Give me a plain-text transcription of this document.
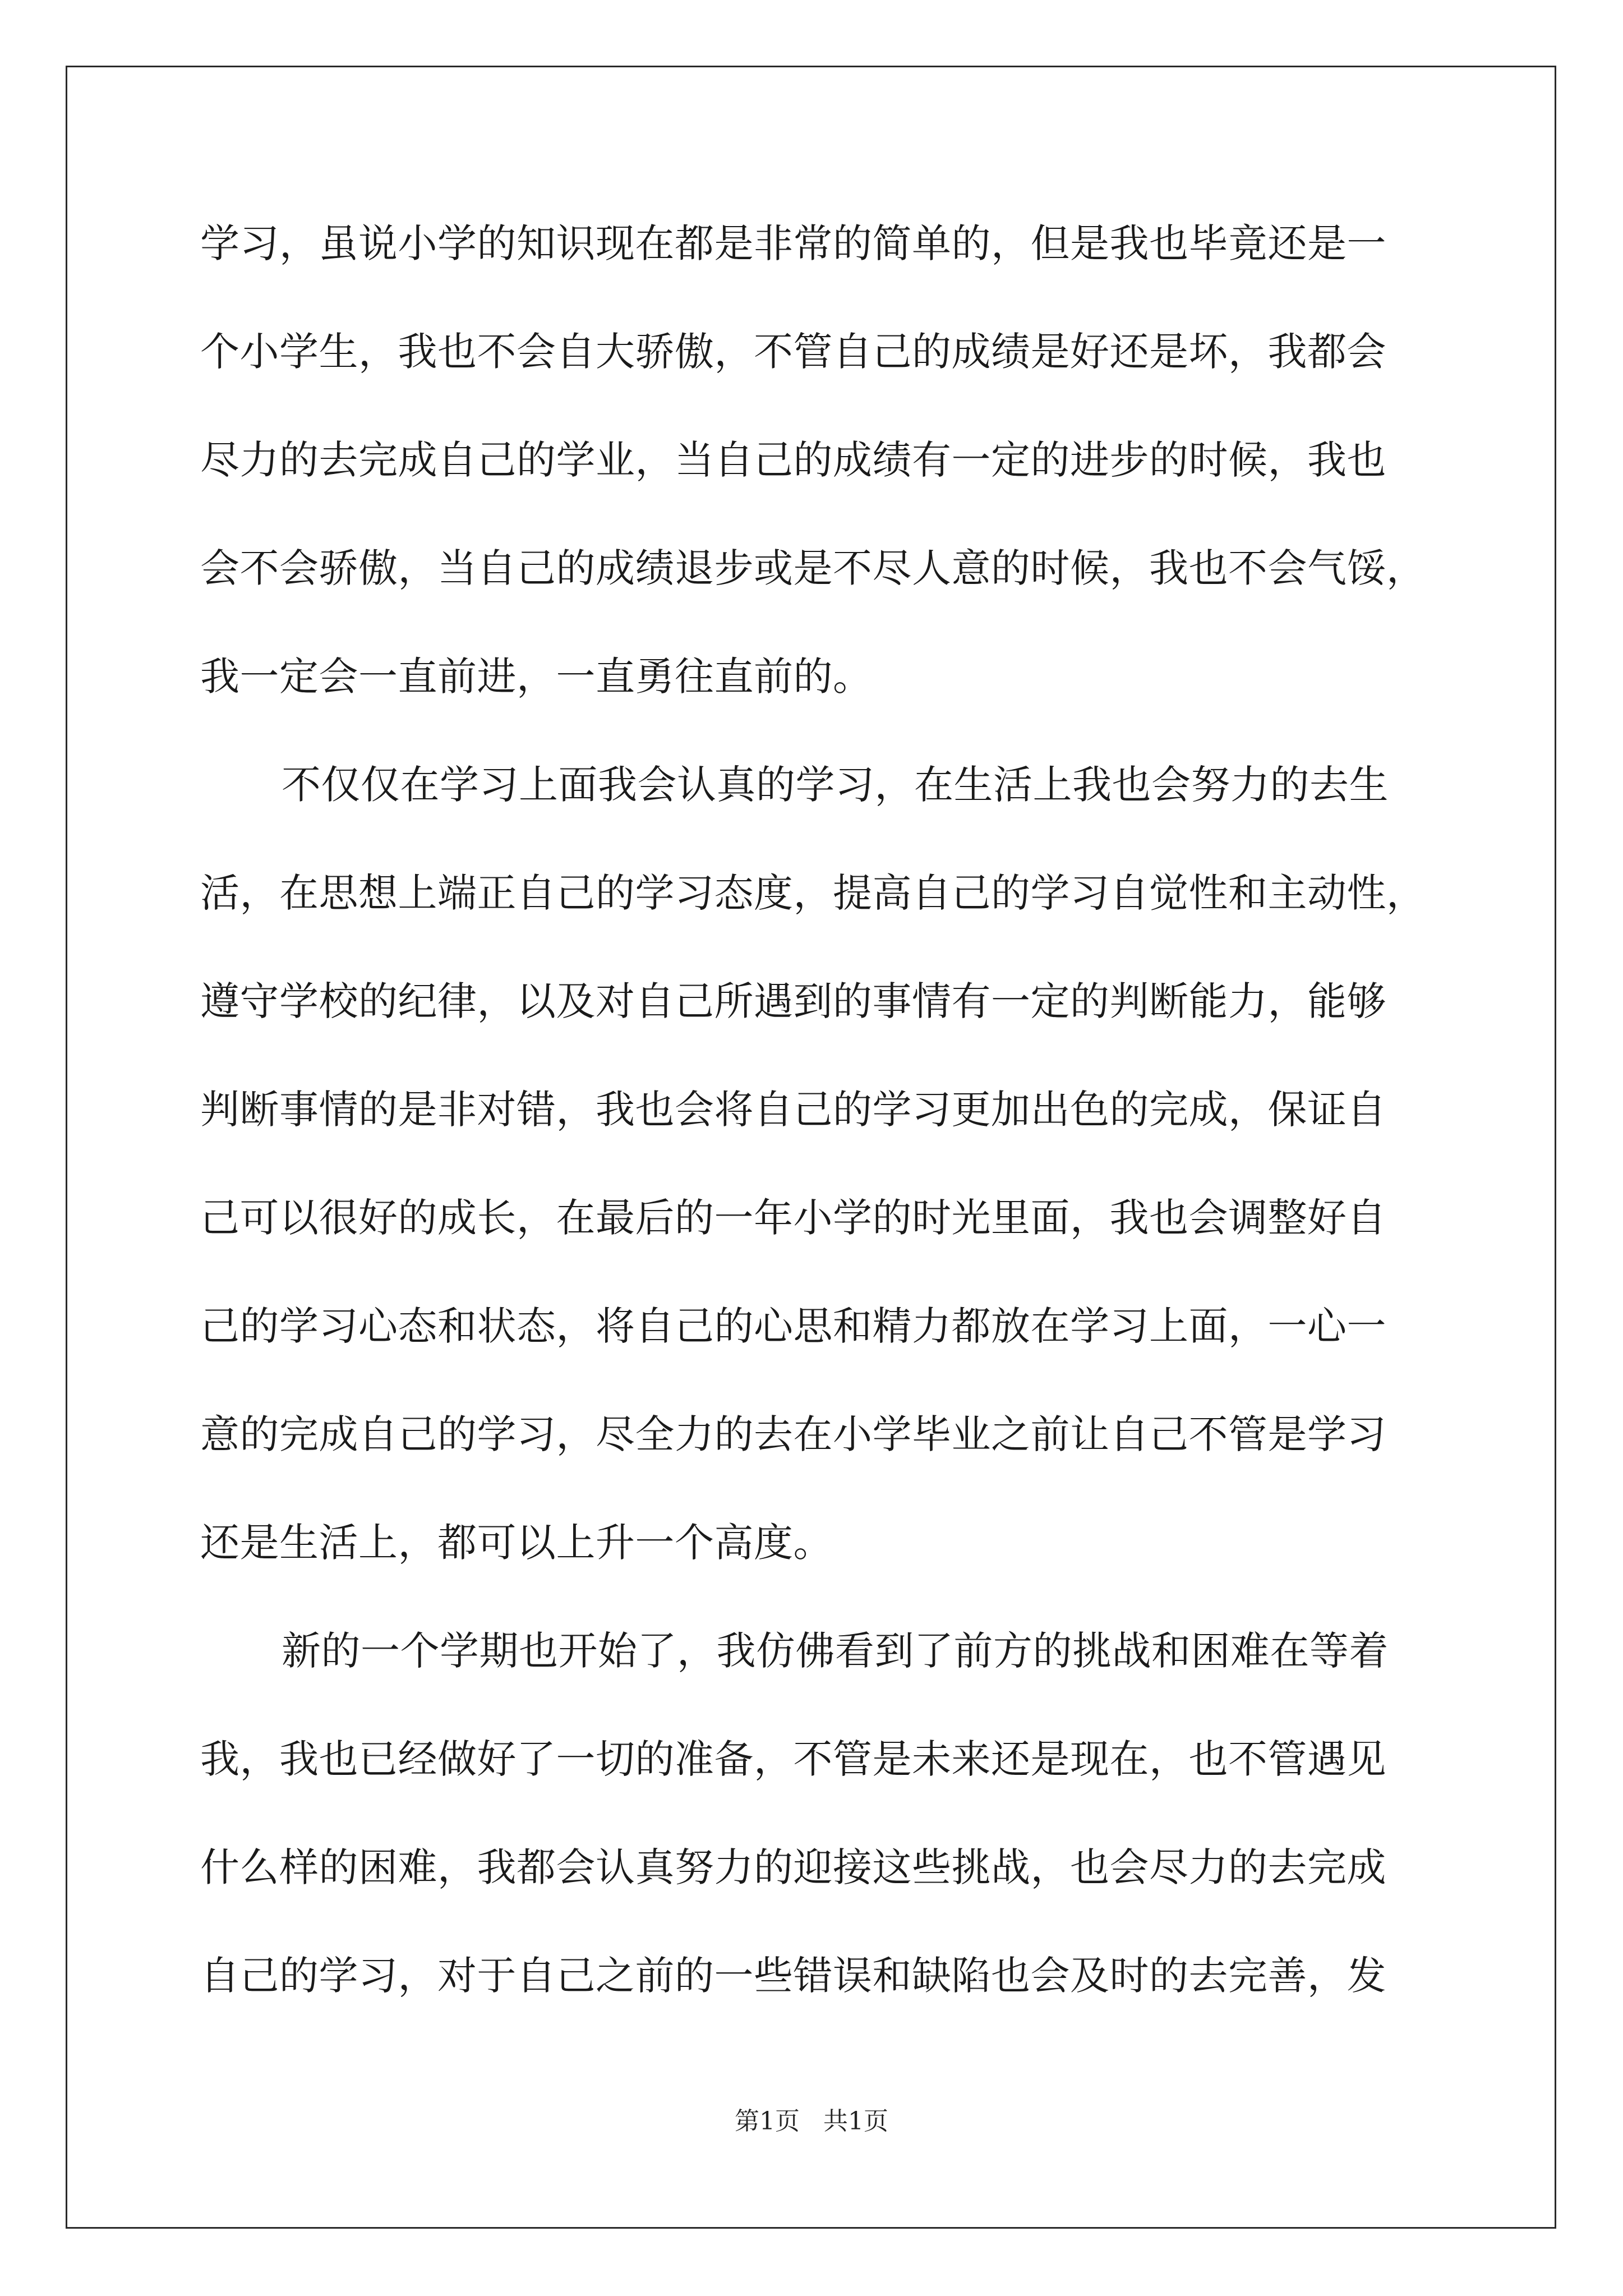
学习，虽说小学的知识现在都是非常的简单的，但是我也毕竟还是一
个小学生，我也不会自大骄傲，不管自己的成绩是好还是坏，我都会
尽力的去完成自己的学业，当自己的成绩有一定的进步的时候，我也
会不会骄傲，当自己的成绩退步或是不尽人意的时候，我也不会气馁，
我一定会一直前进，一直勇往直前的。
不仅仅在学习上面我会认真的学习，在生活上我也会努力的去生
活，在思想上端正自己的学习态度，提高自己的学习自觉性和主动性，
遵守学校的纪律，以及对自己所遇到的事情有一定的判断能力，能够
判断事情的是非对错，我也会将自己的学习更加出色的完成，保证自
己可以很好的成长，在最后的一年小学的时光里面，我也会调整好自
己的学习心态和状态，将自己的心思和精力都放在学习上面，一心一
意的完成自己的学习，尽全力的去在小学毕业之前让自己不管是学习
还是生活上，都可以上升一个高度。
新的一个学期也开始了，我仿佛看到了前方的挑战和困难在等着
我，我也已经做好了一切的准备，不管是未来还是现在，也不管遇见
什么样的困难，我都会认真努力的迎接这些挑战，也会尽力的去完成
自己的学习，对于自己之前的一些错误和缺陷也会及时的去完善，发
第1页 共1页
